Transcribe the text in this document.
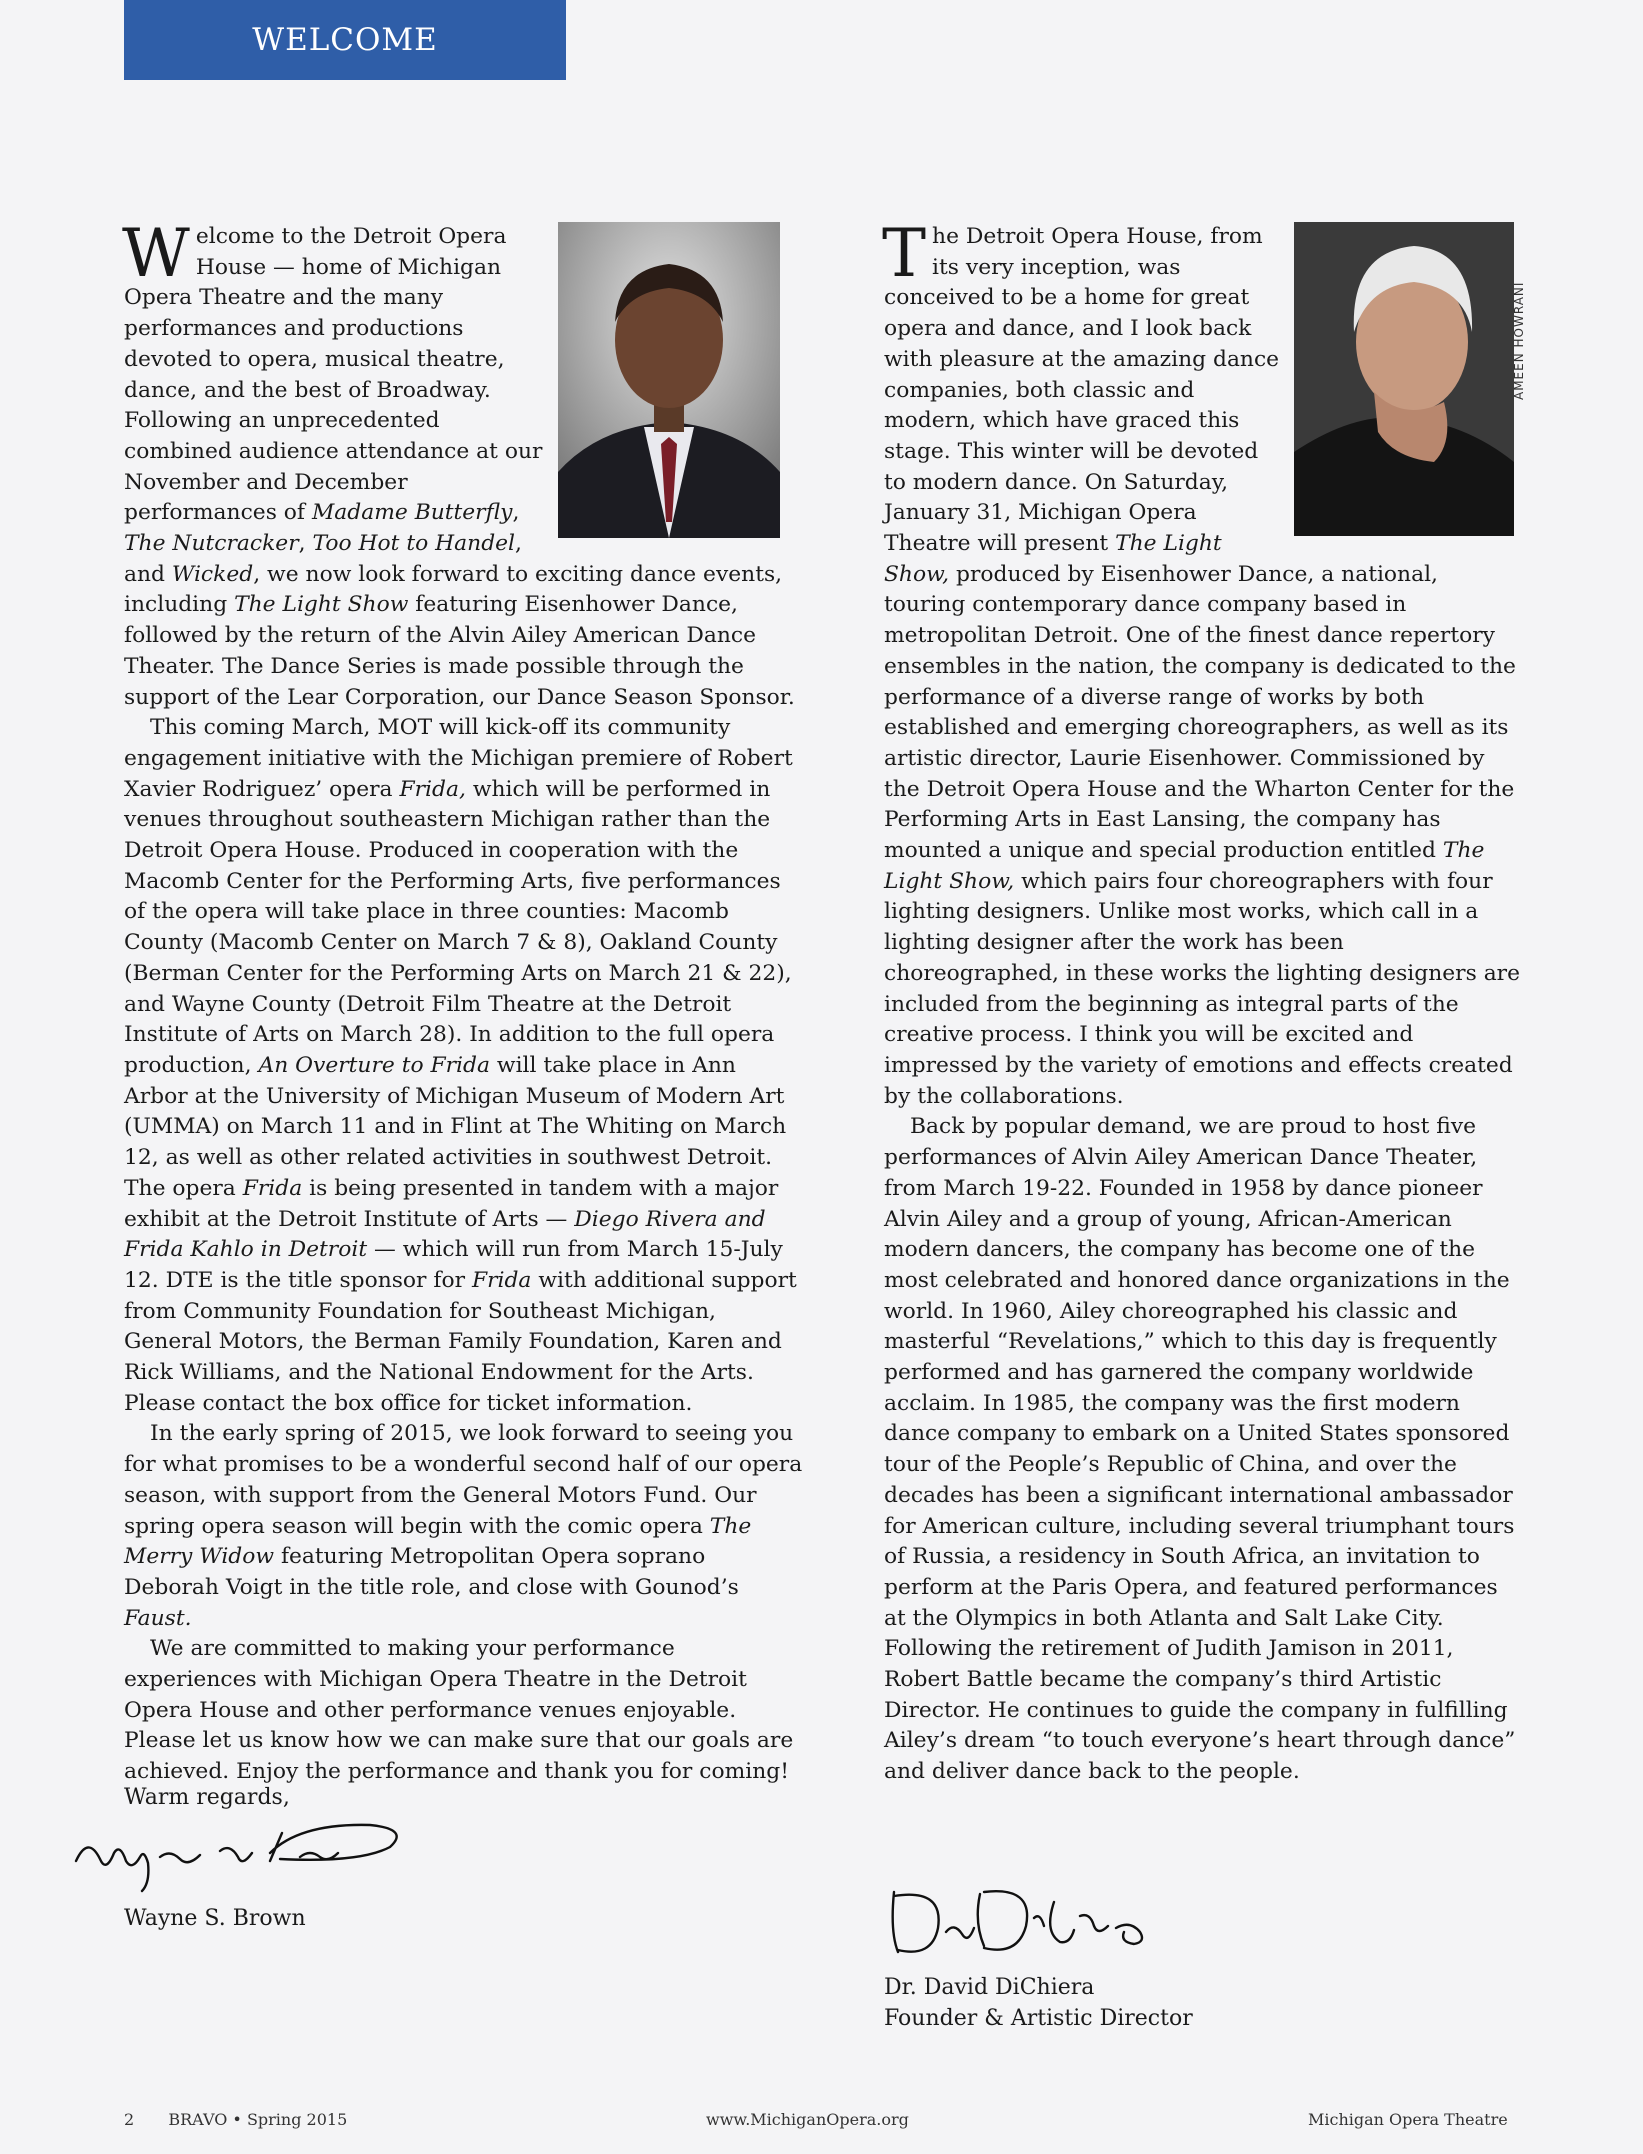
WELCOME

Welcome to the Detroit Opera House — home of Michigan Opera Theatre and the many performances and productions devoted to opera, musical theatre, dance, and the best of Broadway. Following an unprecedented combined audience attendance at our November and December performances of Madame Butterfly, The Nutcracker, Too Hot to Handel, and Wicked, we now look forward to exciting dance events, including The Light Show featuring Eisenhower Dance, followed by the return of the Alvin Ailey American Dance Theater. The Dance Series is made possible through the support of the Lear Corporation, our Dance Season Sponsor.

This coming March, MOT will kick-off its community engagement initiative with the Michigan premiere of Robert Xavier Rodriguez’ opera Frida, which will be performed in venues throughout southeastern Michigan rather than the Detroit Opera House. Produced in cooperation with the Macomb Center for the Performing Arts, five performances of the opera will take place in three counties: Macomb County (Macomb Center on March 7 & 8), Oakland County (Berman Center for the Performing Arts on March 21 & 22), and Wayne County (Detroit Film Theatre at the Detroit Institute of Arts on March 28). In addition to the full opera production, An Overture to Frida will take place in Ann Arbor at the University of Michigan Museum of Modern Art (UMMA) on March 11 and in Flint at The Whiting on March 12, as well as other related activities in southwest Detroit. The opera Frida is being presented in tandem with a major exhibit at the Detroit Institute of Arts — Diego Rivera and Frida Kahlo in Detroit — which will run from March 15-July 12. DTE is the title sponsor for Frida with additional support from Community Foundation for Southeast Michigan, General Motors, the Berman Family Foundation, Karen and Rick Williams, and the National Endowment for the Arts. Please contact the box office for ticket information.

In the early spring of 2015, we look forward to seeing you for what promises to be a wonderful second half of our opera season, with support from the General Motors Fund. Our spring opera season will begin with the comic opera The Merry Widow featuring Metropolitan Opera soprano Deborah Voigt in the title role, and close with Gounod’s Faust.

We are committed to making your performance experiences with Michigan Opera Theatre in the Detroit Opera House and other performance venues enjoyable. Please let us know how we can make sure that our goals are achieved. Enjoy the performance and thank you for coming!

Warm regards,
Wayne S. Brown

The Detroit Opera House, from its very inception, was conceived to be a home for great opera and dance, and I look back with pleasure at the amazing dance companies, both classic and modern, which have graced this stage. This winter will be devoted to modern dance. On Saturday, January 31, Michigan Opera Theatre will present The Light Show, produced by Eisenhower Dance, a national, touring contemporary dance company based in metropolitan Detroit. One of the finest dance repertory ensembles in the nation, the company is dedicated to the performance of a diverse range of works by both established and emerging choreographers, as well as its artistic director, Laurie Eisenhower. Commissioned by the Detroit Opera House and the Wharton Center for the Performing Arts in East Lansing, the company has mounted a unique and special production entitled The Light Show, which pairs four choreographers with four lighting designers. Unlike most works, which call in a lighting designer after the work has been choreographed, in these works the lighting designers are included from the beginning as integral parts of the creative process. I think you will be excited and impressed by the variety of emotions and effects created by the collaborations.

Back by popular demand, we are proud to host five performances of Alvin Ailey American Dance Theater, from March 19-22. Founded in 1958 by dance pioneer Alvin Ailey and a group of young, African-American modern dancers, the company has become one of the most celebrated and honored dance organizations in the world. In 1960, Ailey choreographed his classic and masterful “Revelations,” which to this day is frequently performed and has garnered the company worldwide acclaim. In 1985, the company was the first modern dance company to embark on a United States sponsored tour of the People’s Republic of China, and over the decades has been a significant international ambassador for American culture, including several triumphant tours of Russia, a residency in South Africa, an invitation to perform at the Paris Opera, and featured performances at the Olympics in both Atlanta and Salt Lake City. Following the retirement of Judith Jamison in 2011, Robert Battle became the company’s third Artistic Director. He continues to guide the company in fulfilling Ailey’s dream “to touch everyone’s heart through dance” and deliver dance back to the people.

AMEEN HOWRANI
Dr. David DiChiera
Founder & Artistic Director
2 BRAVO • Spring 2015	www.MichiganOpera.org	Michigan Opera Theatre
